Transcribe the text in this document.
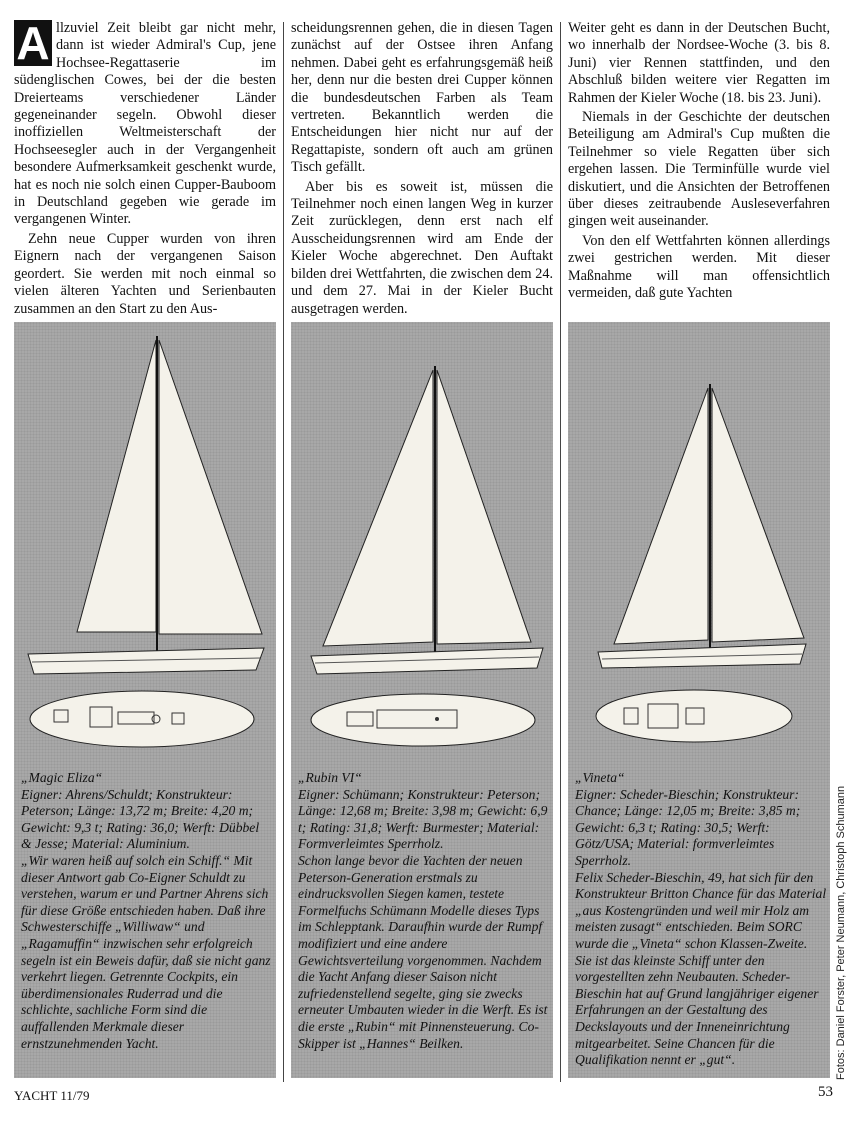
A llzuviel Zeit bleibt gar nicht mehr, dann ist wieder Admiral's Cup, jene Hochsee-Regattaserie im südenglischen Cowes, bei der die besten Dreierteams verschiedener Länder gegeneinander segeln. Obwohl dieser inoffiziellen Weltmeisterschaft der Hochseesegler auch in der Vergangenheit besondere Aufmerksamkeit geschenkt wurde, hat es noch nie solch einen Cupper-Bauboom in Deutschland gegeben wie gerade im vergangenen Winter.

Zehn neue Cupper wurden von ihren Eignern nach der vergangenen Saison geordert. Sie werden mit noch einmal so vielen älteren Yachten und Serienbauten zusammen an den Start zu den Aus-

scheidungsrennen gehen, die in diesen Tagen zunächst auf der Ostsee ihren Anfang nehmen. Dabei geht es erfahrungsgemäß heiß her, denn nur die besten drei Cupper können die bundesdeutschen Farben als Team vertreten. Bekanntlich werden die Entscheidungen hier nicht nur auf der Regattapiste, sondern oft auch am grünen Tisch gefällt.

Aber bis es soweit ist, müssen die Teilnehmer noch einen langen Weg in kurzer Zeit zurücklegen, denn erst nach elf Ausscheidungsrennen wird am Ende der Kieler Woche abgerechnet. Den Auftakt bilden drei Wettfahrten, die zwischen dem 24. und dem 27. Mai in der Kieler Bucht ausgetragen werden.

Weiter geht es dann in der Deutschen Bucht, wo innerhalb der Nordsee-Woche (3. bis 8. Juni) vier Rennen stattfinden, und den Abschluß bilden weitere vier Regatten im Rahmen der Kieler Woche (18. bis 23. Juni).

Niemals in der Geschichte der deutschen Beteiligung am Admiral's Cup mußten die Teilnehmer so viele Regatten über sich ergehen lassen. Die Terminfülle wurde viel diskutiert, und die Ansichten der Betroffenen über dieses zeitraubende Ausleseverfahren gingen weit auseinander.

Von den elf Wettfahrten können allerdings zwei gestrichen werden. Mit dieser Maßnahme will man offensichtlich vermeiden, daß gute Yachten

„Magic Eliza“
Eigner: Ahrens/Schuldt; Konstrukteur: Peterson; Länge: 13,72 m; Breite: 4,20 m; Gewicht: 9,3 t; Rating: 36,0; Werft: Dübbel & Jesse; Material: Aluminium.
„Wir waren heiß auf solch ein Schiff.“ Mit dieser Antwort gab Co-Eigner Schuldt zu verstehen, warum er und Partner Ahrens sich für diese Größe entschieden haben. Daß ihre Schwesterschiffe „Williwaw“ und „Ragamuffin“ inzwischen sehr erfolgreich segeln ist ein Beweis dafür, daß sie nicht ganz verkehrt liegen. Getrennte Cockpits, ein überdimensionales Ruderrad und die schlichte, sachliche Form sind die auffallenden Merkmale dieser ernstzunehmenden Yacht.
„Rubin VI“
Eigner: Schümann; Konstrukteur: Peterson; Länge: 12,68 m; Breite: 3,98 m; Gewicht: 6,9 t; Rating: 31,8; Werft: Burmester; Material: Formverleimtes Sperrholz.
Schon lange bevor die Yachten der neuen Peterson-Generation erstmals zu eindrucksvollen Siegen kamen, testete Formelfuchs Schümann Modelle dieses Typs im Schlepptank. Daraufhin wurde der Rumpf modifiziert und eine andere Gewichtsverteilung vorgenommen. Nachdem die Yacht Anfang dieser Saison nicht zufriedenstellend segelte, ging sie zwecks erneuter Umbauten wieder in die Werft. Es ist die erste „Rubin“ mit Pinnensteuerung. Co-Skipper ist „Hannes“ Beilken.
„Vineta“
Eigner: Scheder-Bieschin; Konstrukteur: Chance; Länge: 12,05 m; Breite: 3,85 m; Gewicht: 6,3 t; Rating: 30,5; Werft: Götz/USA; Material: formverleimtes Sperrholz.
Felix Scheder-Bieschin, 49, hat sich für den Konstrukteur Britton Chance für das Material „aus Kostengründen und weil mir Holz am meisten zusagt“ entschieden. Beim SORC wurde die „Vineta“ schon Klassen-Zweite. Sie ist das kleinste Schiff unter den vorgestellten zehn Neubauten. Scheder-Bieschin hat auf Grund langjähriger eigener Erfahrungen an der Gestaltung des Deckslayouts und der Inneneinrichtung mitgearbeitet. Seine Chancen für die Qualifikation nennt er „gut“.	Fotos: Daniel Forster, Peter Neumann, Christoph Schumann
YACHT 11/79	53
